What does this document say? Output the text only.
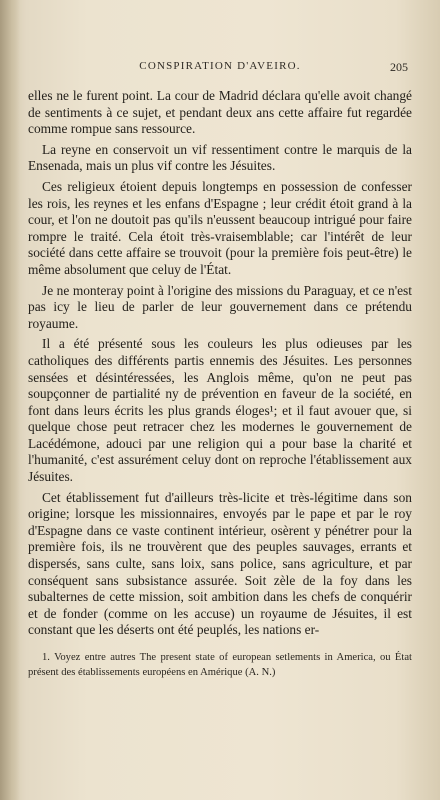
CONSPIRATION D'AVEIRO.	205

elles ne le furent point. La cour de Madrid déclara qu'elle avoit changé de sentiments à ce sujet, et pendant deux ans cette affaire fut regardée comme rompue sans ressource.

La reyne en conservoit un vif ressentiment contre le marquis de la Ensenada, mais un plus vif contre les Jésuites.

Ces religieux étoient depuis longtemps en possession de confesser les rois, les reynes et les enfans d'Espagne ; leur crédit étoit grand à la cour, et l'on ne doutoit pas qu'ils n'eussent beaucoup intrigué pour faire rompre le traité. Cela étoit très-vraisemblable; car l'intérêt de leur société dans cette affaire se trouvoit (pour la première fois peut-être) le même absolument que celuy de l'État.

Je ne monteray point à l'origine des missions du Paraguay, et ce n'est pas icy le lieu de parler de leur gouvernement dans ce prétendu royaume.

Il a été présenté sous les couleurs les plus odieuses par les catholiques des différents partis ennemis des Jésuites. Les personnes sensées et désintéressées, les Anglois même, qu'on ne peut pas soupçonner de partialité ny de prévention en faveur de la société, en font dans leurs écrits les plus grands éloges¹; et il faut avouer que, si quelque chose peut retracer chez les modernes le gouvernement de Lacédémone, adouci par une religion qui a pour base la charité et l'humanité, c'est assurément celuy dont on reproche l'établissement aux Jésuites.

Cet établissement fut d'ailleurs très-licite et très-légitime dans son origine; lorsque les missionnaires, envoyés par le pape et par le roy d'Espagne dans ce vaste continent intérieur, osèrent y pénétrer pour la première fois, ils ne trouvèrent que des peuples sauvages, errants et dispersés, sans culte, sans loix, sans police, sans agriculture, et par conséquent sans subsistance assurée. Soit zèle de la foy dans les subalternes de cette mission, soit ambition dans les chefs de conquérir et de fonder (comme on les accuse) un royaume de Jésuites, il est constant que les déserts ont été peuplés, les nations er-

1. Voyez entre autres The present state of european setlements in America, ou État présent des établissements européens en Amérique (A. N.)
